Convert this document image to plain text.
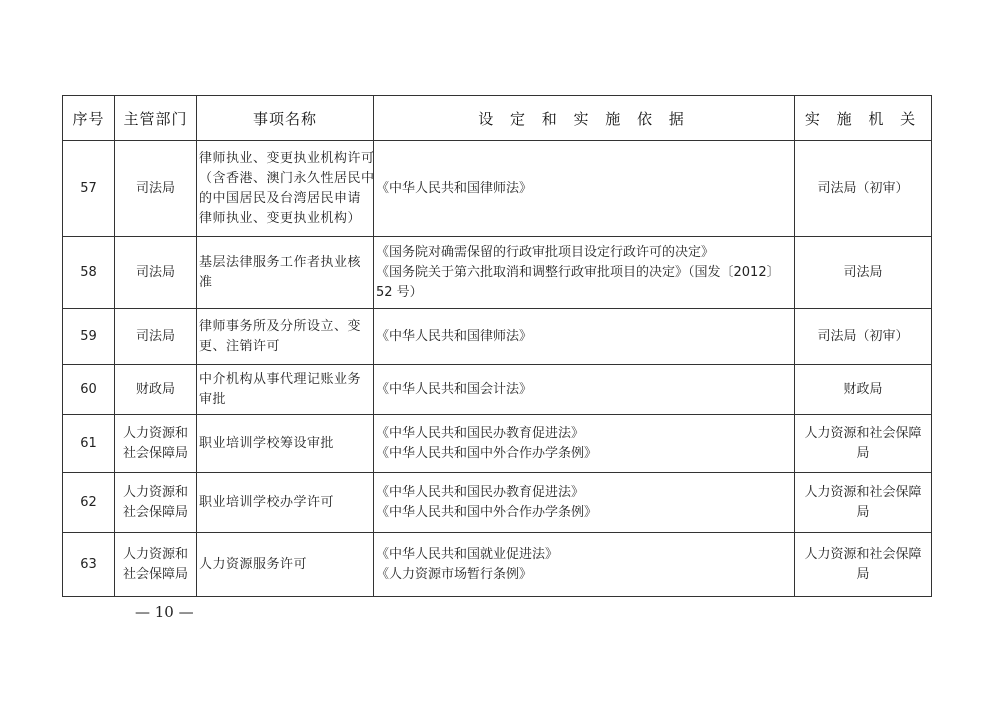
序号	主管部门	事项名称	设 定 和 实 施 依 据	实 施 机 关
57	司法局	律师执业、变更执业机构许可
（含香港、澳门永久性居民中
的中国居民及台湾居民申请
律师执业、变更执业机构）	《中华人民共和国律师法》	司法局（初审）

58	司法局	基层法律服务工作者执业核
准	《国务院对确需保留的行政审批项目设定行政许可的决定》
《国务院关于第六批取消和调整行政审批项目的决定》（国发〔2012〕
52 号）	司法局

59	司法局	律师事务所及分所设立、变
更、注销许可	《中华人民共和国律师法》	司法局（初审）

60	财政局	中介机构从事代理记账业务
审批	《中华人民共和国会计法》	财政局

61	人力资源和
社会保障局	职业培训学校筹设审批	《中华人民共和国民办教育促进法》
《中华人民共和国中外合作办学条例》	人力资源和社会保障
局

62	人力资源和
社会保障局	职业培训学校办学许可	《中华人民共和国民办教育促进法》
《中华人民共和国中外合作办学条例》	人力资源和社会保障
局

63	人力资源和
社会保障局	人力资源服务许可	《中华人民共和国就业促进法》
《人力资源市场暂行条例》	人力资源和社会保障
局
— 10 —
